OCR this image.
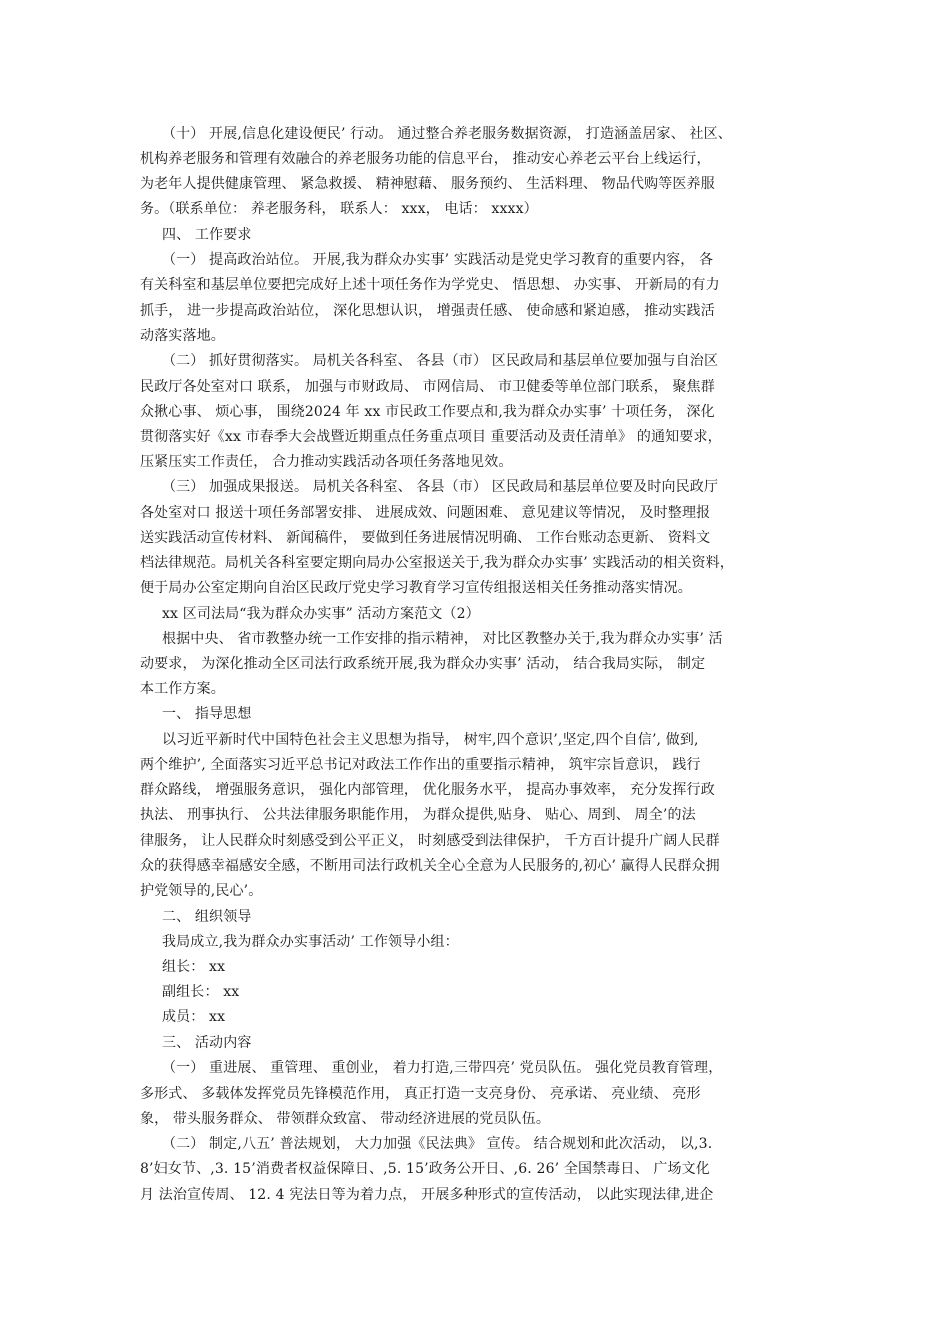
（十） 开展,信息化建设便民’ 行动。 通过整合养老服务数据资源， 打造涵盖居家、 社区、
机构养老服务和管理有效融合的养老服务功能的信息平台， 推动安心养老云平台上线运行，
为老年人提供健康管理、 紧急救援、 精神慰藉、 服务预约、 生活料理、 物品代购等医养服
务。（联系单位： 养老服务科， 联系人： xxx， 电话： xxxx）
四、 工作要求
（一） 提高政治站位。 开展,我为群众办实事’ 实践活动是党史学习教育的重要内容， 各
有关科室和基层单位要把完成好上述十项任务作为学党史、 悟思想、 办实事、 开新局的有力
抓手， 进一步提高政治站位， 深化思想认识， 增强责任感、 使命感和紧迫感， 推动实践活
动落实落地。
（二） 抓好贯彻落实。 局机关各科室、 各县（市） 区民政局和基层单位要加强与自治区
民政厅各处室对口 联系， 加强与市财政局、 市网信局、 市卫健委等单位部门联系， 聚焦群
众揪心事、 烦心事， 围绕2024 年 xx 市民政工作要点和,我为群众办实事’ 十项任务， 深化
贯彻落实好《xx 市春季大会战暨近期重点任务重点项目 重要活动及责任清单》 的通知要求，
压紧压实工作责任， 合力推动实践活动各项任务落地见效。
（三） 加强成果报送。 局机关各科室、 各县（市） 区民政局和基层单位要及时向民政厅
各处室对口 报送十项任务部署安排、 进展成效、问题困难、 意见建议等情况， 及时整理报
送实践活动宣传材料、 新闻稿件， 要做到任务进展情况明确、 工作台账动态更新、 资料文
档法律规范。局机关各科室要定期向局办公室报送关于,我为群众办实事’ 实践活动的相关资料，
便于局办公室定期向自治区民政厅党史学习教育学习宣传组报送相关任务推动落实情况。
xx 区司法局“我为群众办实事” 活动方案范文（2）
根据中央、 省市教整办统一工作安排的指示精神， 对比区教整办关于,我为群众办实事’ 活
动要求， 为深化推动全区司法行政系统开展,我为群众办实事’ 活动， 结合我局实际， 制定
本工作方案。
一、 指导思想
以习近平新时代中国特色社会主义思想为指导， 树牢,四个意识’,坚定,四个自信’, 做到,
两个维护’, 全面落实习近平总书记对政法工作作出的重要指示精神， 筑牢宗旨意识， 践行
群众路线， 增强服务意识， 强化内部管理， 优化服务水平， 提高办事效率， 充分发挥行政
执法、 刑事执行、 公共法律服务职能作用， 为群众提供,贴身、 贴心、周到、 周全’的法
律服务， 让人民群众时刻感受到公平正义， 时刻感受到法律保护， 千方百计提升广阔人民群
众的获得感幸福感安全感，不断用司法行政机关全心全意为人民服务的,初心’ 赢得人民群众拥
护党领导的,民心’。
二、 组织领导
我局成立,我为群众办实事活动’ 工作领导小组：
组长： xx
副组长： xx
成员： xx
三、 活动内容
（一） 重进展、 重管理、 重创业， 着力打造,三带四亮’ 党员队伍。 强化党员教育管理，
多形式、 多载体发挥党员先锋模范作用， 真正打造一支亮身份、 亮承诺、 亮业绩、 亮形
象， 带头服务群众、 带领群众致富、 带动经济进展的党员队伍。
（二） 制定,八五’ 普法规划， 大力加强《民法典》 宣传。 结合规划和此次活动， 以,3.
8’妇女节、,3. 15’消费者权益保障日、,5. 15’政务公开日、,6. 26’ 全国禁毒日、 广场文化
月 法治宣传周、 12. 4 宪法日等为着力点， 开展多种形式的宣传活动， 以此实现法律,进企
